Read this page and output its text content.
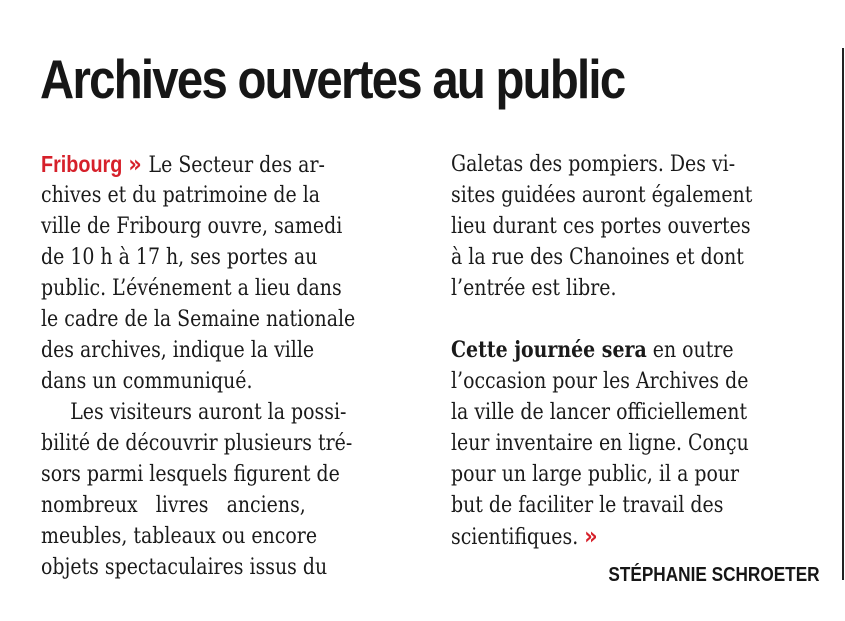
Archives ouvertes au public
Fribourg » Le Secteur des ar-
chives et du patrimoine de la
ville de Fribourg ouvre, samedi
de 10 h à 17 h, ses portes au
public. L’événement a lieu dans
le cadre de la Semaine nationale
des archives, indique la ville
dans un communiqué.
Les visiteurs auront la possi-
bilité de découvrir plusieurs tré-
sors parmi lesquels figurent de
nombreux livres anciens,
meubles, tableaux ou encore
objets spectaculaires issus du
Galetas des pompiers. Des vi-
sites guidées auront également
lieu durant ces portes ouvertes
à la rue des Chanoines et dont
l’entrée est libre.
Cette journée sera en outre
l’occasion pour les Archives de
la ville de lancer officiellement
leur inventaire en ligne. Conçu
pour un large public, il a pour
but de faciliter le travail des
scientifiques. »
STÉPHANIE SCHROETER
